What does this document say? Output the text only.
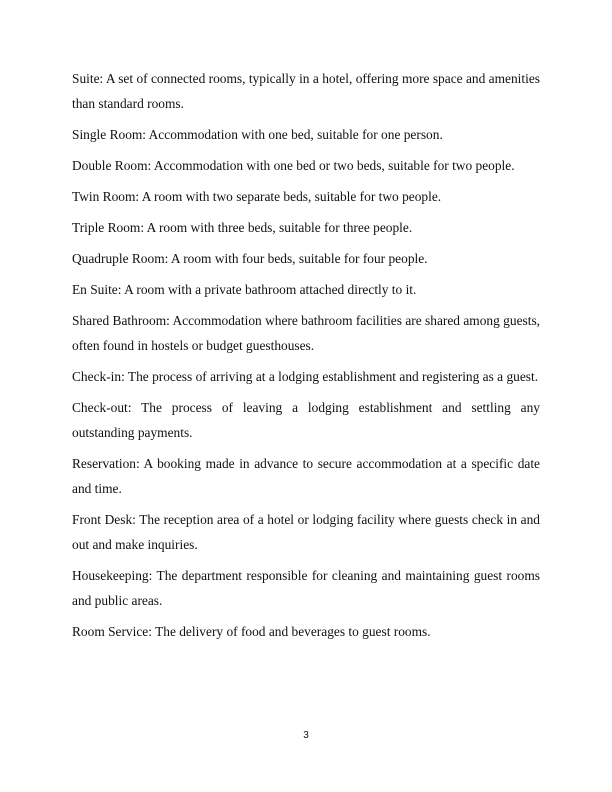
Suite: A set of connected rooms, typically in a hotel, offering more space and amenities than standard rooms.

Single Room: Accommodation with one bed, suitable for one person.

Double Room: Accommodation with one bed or two beds, suitable for two people.

Twin Room: A room with two separate beds, suitable for two people.

Triple Room: A room with three beds, suitable for three people.

Quadruple Room: A room with four beds, suitable for four people.

En Suite: A room with a private bathroom attached directly to it.

Shared Bathroom: Accommodation where bathroom facilities are shared among guests, often found in hostels or budget guesthouses.

Check-in: The process of arriving at a lodging establishment and registering as a guest.

Check-out: The process of leaving a lodging establishment and settling any outstanding payments.

Reservation: A booking made in advance to secure accommodation at a specific date and time.

Front Desk: The reception area of a hotel or lodging facility where guests check in and out and make inquiries.

Housekeeping: The department responsible for cleaning and maintaining guest rooms and public areas.

Room Service: The delivery of food and beverages to guest rooms.

3
